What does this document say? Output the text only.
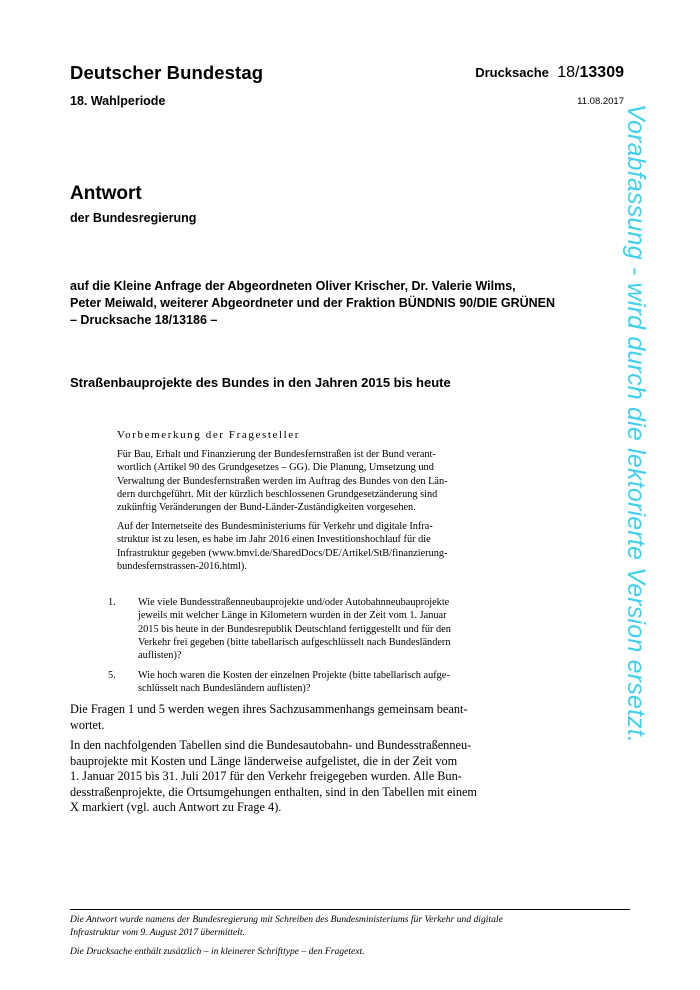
Deutscher Bundestag
18. Wahlperiode
Drucksache 18/13309
11.08.2017
Antwort
der Bundesregierung
auf die Kleine Anfrage der Abgeordneten Oliver Krischer, Dr. Valerie Wilms,
Peter Meiwald, weiterer Abgeordneter und der Fraktion BÜNDNIS 90/DIE GRÜNEN
– Drucksache 18/13186 –
Straßenbauprojekte des Bundes in den Jahren 2015 bis heute
Vorbemerkung der Fragesteller
Für Bau, Erhalt und Finanzierung der Bundesfernstraßen ist der Bund verant-
wortlich (Artikel 90 des Grundgesetzes – GG). Die Planung, Umsetzung und
Verwaltung der Bundesfernstraßen werden im Auftrag des Bundes von den Län-
dern durchgeführt. Mit der kürzlich beschlossenen Grundgesetzänderung sind
zukünftig Veränderungen der Bund-Länder-Zuständigkeiten vorgesehen.
Auf der Internetseite des Bundesministeriums für Verkehr und digitale Infra-
struktur ist zu lesen, es habe im Jahr 2016 einen Investitionshochlauf für die
Infrastruktur gegeben (www.bmvi.de/SharedDocs/DE/Artikel/StB/finanzierung-
bundesfernstrassen-2016.html).
1. Wie viele Bundesstraßenneubauprojekte und/oder Autobahnneubauprojekte
jeweils mit welcher Länge in Kilometern wurden in der Zeit vom 1. Januar
2015 bis heute in der Bundesrepublik Deutschland fertiggestellt und für den
Verkehr frei gegeben (bitte tabellarisch aufgeschlüsselt nach Bundesländern
auflisten)?
5. Wie hoch waren die Kosten der einzelnen Projekte (bitte tabellarisch aufge-
schlüsselt nach Bundesländern auflisten)?
Die Fragen 1 und 5 werden wegen ihres Sachzusammenhangs gemeinsam beant-
wortet.
In den nachfolgenden Tabellen sind die Bundesautobahn- und Bundesstraßenneu-
bauprojekte mit Kosten und Länge länderweise aufgelistet, die in der Zeit vom
1. Januar 2015 bis 31. Juli 2017 für den Verkehr freigegeben wurden. Alle Bun-
desstraßenprojekte, die Ortsumgehungen enthalten, sind in den Tabellen mit einem
X markiert (vgl. auch Antwort zu Frage 4).
Die Antwort wurde namens der Bundesregierung mit Schreiben des Bundesministeriums für Verkehr und digitale
Infrastruktur vom 9. August 2017 übermittelt.
Die Drucksache enthält zusätzlich – in kleinerer Schrifttype – den Fragetext.
Vorabfassung - wird durch die lektorierte Version ersetzt.
